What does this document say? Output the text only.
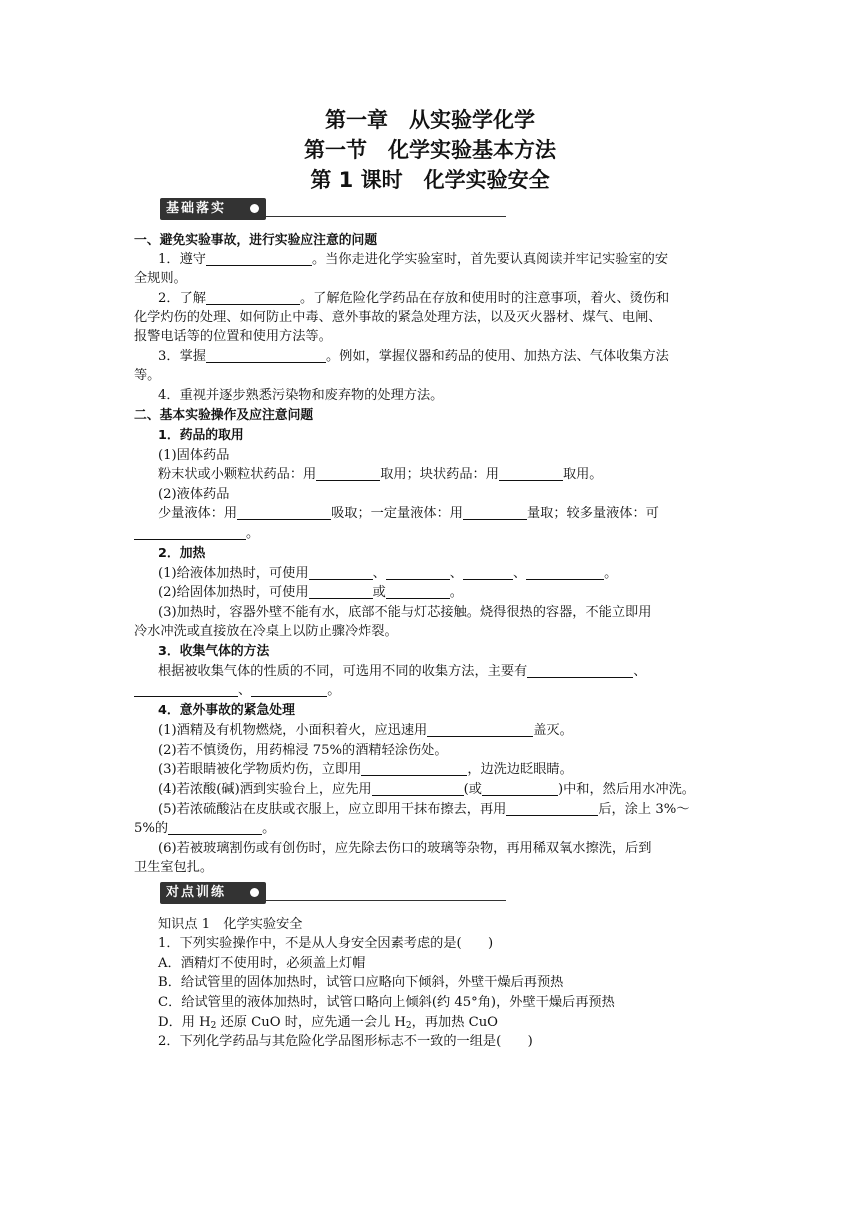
第一章　从实验学化学
第一节　化学实验基本方法
第 1 课时　化学实验安全
基础落实
一、避免实验事故，进行实验应注意的问题
1．遵守	。当你走进化学实验室时，首先要认真阅读并牢记实验室的安
全规则。
2．了解	。了解危险化学药品在存放和使用时的注意事项，着火、烫伤和
化学灼伤的处理、如何防止中毒、意外事故的紧急处理方法，以及灭火器材、煤气、电闸、
报警电话等的位置和使用方法等。
3．掌握	。例如，掌握仪器和药品的使用、加热方法、气体收集方法
等。
4．重视并逐步熟悉污染物和废弃物的处理方法。
二、基本实验操作及应注意问题
1．药品的取用
(1)固体药品
粉末状或小颗粒状药品：用	取用；块状药品：用	取用。
(2)液体药品
少量液体：用	吸取；一定量液体：用	量取；较多量液体：可
。
2．加热
(1)给液体加热时，可使用	、	、	、	。
(2)给固体加热时，可使用	或	。
(3)加热时，容器外壁不能有水，底部不能与灯芯接触。烧得很热的容器，不能立即用
冷水冲洗或直接放在冷桌上以防止骤冷炸裂。
3．收集气体的方法
根据被收集气体的性质的不同，可选用不同的收集方法，主要有	、
、	。
4．意外事故的紧急处理
(1)酒精及有机物燃烧，小面积着火，应迅速用	盖灭。
(2)若不慎烫伤，用药棉浸 75%的酒精轻涂伤处。
(3)若眼睛被化学物质灼伤，立即用	，边洗边眨眼睛。
(4)若浓酸(碱)洒到实验台上，应先用	(或	)中和，然后用水冲洗。
(5)若浓硫酸沾在皮肤或衣服上，应立即用干抹布擦去，再用	后，涂上 3%～
5%的	。
(6)若被玻璃割伤或有创伤时，应先除去伤口的玻璃等杂物，再用稀双氧水擦洗，后到
卫生室包扎。
对点训练
知识点 1　化学实验安全
1．下列实验操作中，不是从人身安全因素考虑的是(　　)
A．酒精灯不使用时，必须盖上灯帽
B．给试管里的固体加热时，试管口应略向下倾斜，外壁干燥后再预热
C．给试管里的液体加热时，试管口略向上倾斜(约 45°角)，外壁干燥后再预热
D．用 $H_2$ 还原 CuO 时，应先通一会儿 $H_2$，再加热 CuO
2．下列化学药品与其危险化学品图形标志不一致的一组是(　　)
